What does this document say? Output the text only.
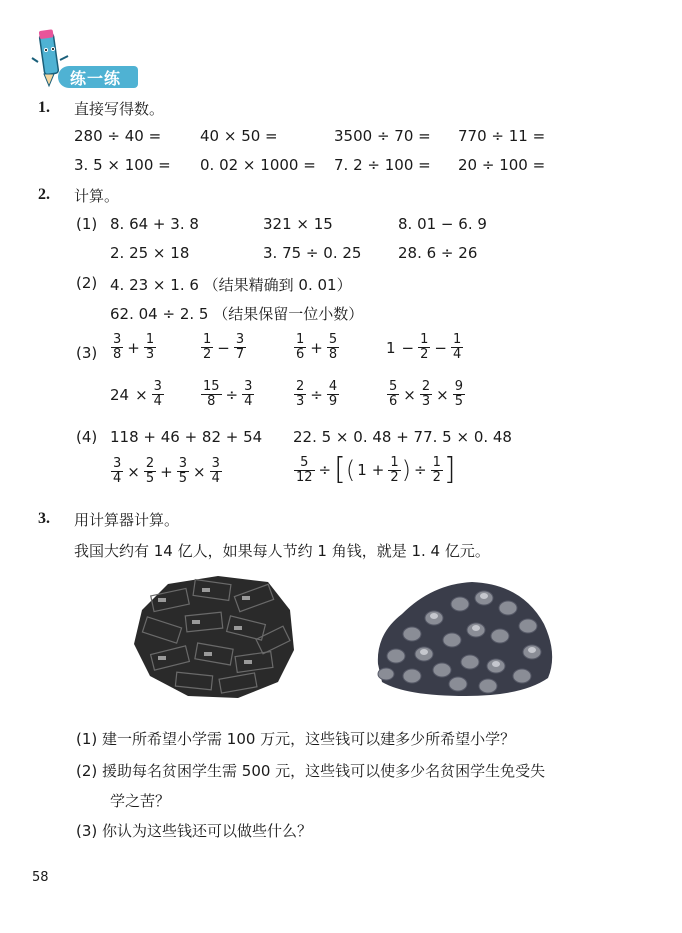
练一练
1. 直接写得数。
280 ÷ 40 =	40 × 50 =	3500 ÷ 70 = 770 ÷ 11 =
3. 5 × 100 = 0. 02 × 1000 = 7. 2 ÷ 100 = 20 ÷ 100 =
2. 计算。
(1) 8. 64 + 3. 8	321 × 15	8. 01 − 6. 9
2. 25 × 18	3. 75 ÷ 0. 25 28. 6 ÷ 26
(2) 4. 23 × 1. 6 （结果精确到 0. 01）
62. 04 ÷ 2. 5 （结果保留一位小数）
$(3) \frac{3}{8} + \frac{1}{3}$	$\frac{1}{2} - \frac{3}{7}$	$\frac{1}{6} + \frac{5}{8}$	$1 - \frac{1}{2} - \frac{1}{4}$
$24 \times \frac{3}{4}$	$\frac{15}{8} \div \frac{3}{4}$	$\frac{2}{3} \div \frac{4}{9}$	$\frac{5}{6} \times \frac{2}{3} \times \frac{9}{5}$
(4) 118 + 46 + 82 + 54 22. 5 × 0. 48 + 77. 5 × 0. 48
$\frac{3}{4} \times \frac{2}{5} + \frac{3}{5} \times \frac{3}{4}$	$\frac{5}{12}$ ÷ [ ( $1 + \frac{1}{2}$ ) ÷ $\frac{1}{2}$ ]
3. 用计算器计算。
我国大约有 14 亿人，如果每人节约 1 角钱，就是 1. 4 亿元。
(1) 建一所希望小学需 100 万元，这些钱可以建多少所希望小学？
(2) 援助每名贫困学生需 500 元，这些钱可以使多少名贫困学生免受失
学之苦？
(3) 你认为这些钱还可以做些什么？
58
